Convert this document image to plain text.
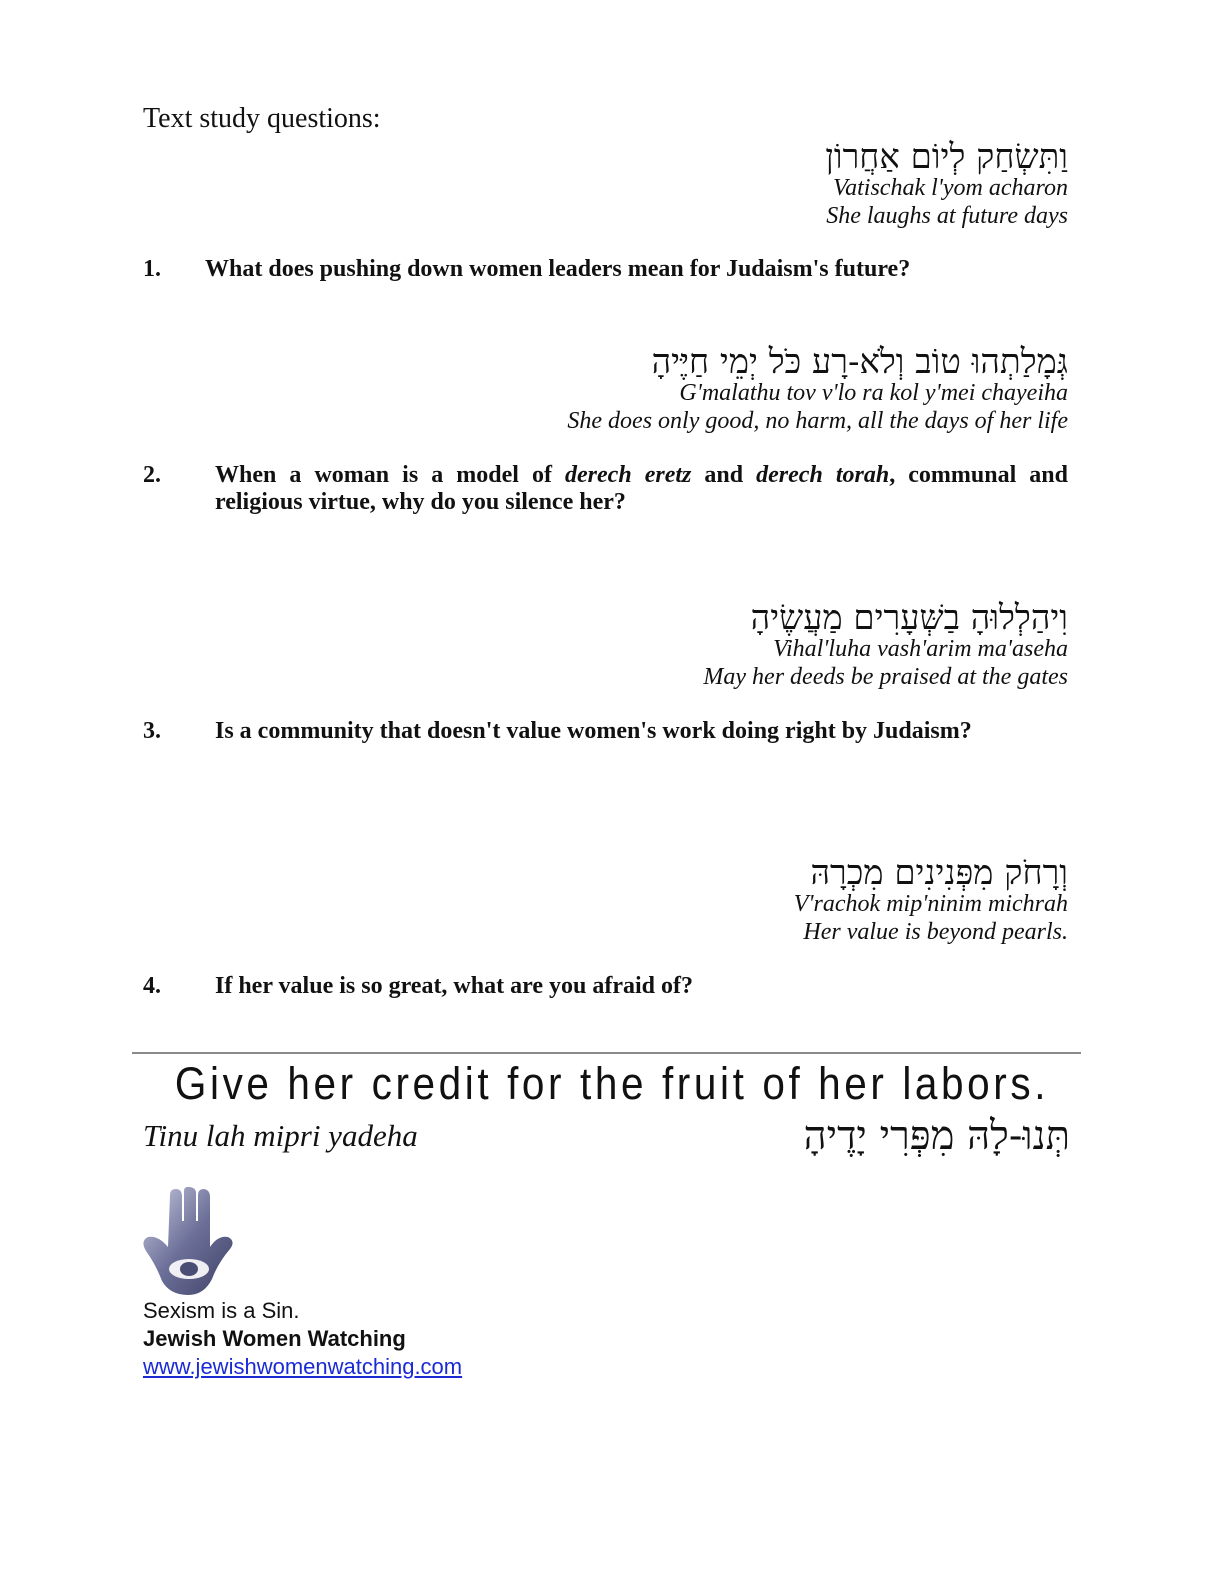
Text study questions:
וַתִּשְׂחַק לְיוֹם אַחֲרוֹן
Vatischak l'yom acharon
She laughs at future days
1.	What does pushing down women leaders mean for Judaism's future?
גְּמָלַתְהוּ טוֹב וְלֹא-רָע כֹּל יְמֵי חַיֶּיהָ
G'malathu tov v'lo ra kol y'mei chayeiha
She does only good, no harm, all the days of her life
2.	When a woman is a model of derech eretz and derech torah, communal and religious virtue, why do you silence her?
וִיהַלְלוּהָ בַשְּׁעָרִים מַעֲשֶׂיהָ
Vihal'luha vash'arim ma'aseha
May her deeds be praised at the gates
3.	Is a community that doesn't value women's work doing right by Judaism?
וְרָחֹק מִפְּנִינִים מִכְרָהּ
V'rachok mip'ninim michrah
Her value is beyond pearls.
4.	If her value is so great, what are you afraid of?
Give her credit for the fruit of her labors.
Tinu lah mipri yadeha	תְּנוּ-לָהּ מִפְּרִי יָדֶיהָ
Sexism is a Sin.
Jewish Women Watching
www.jewishwomenwatching.com
